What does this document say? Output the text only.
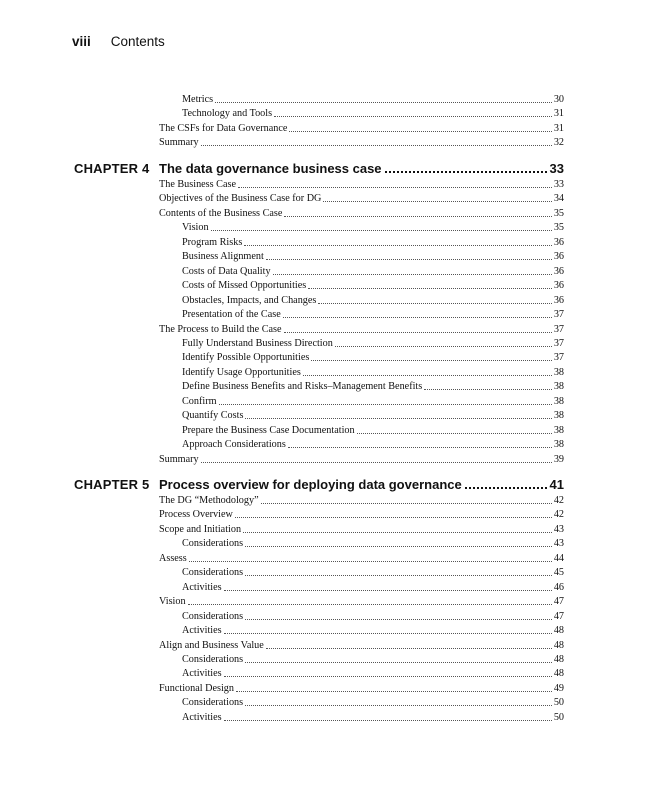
viii Contents
Metrics	30
Technology and Tools	31
The CSFs for Data Governance	31
Summary	32
CHAPTER 4 The data governance business case	33
The Business Case	33
Objectives of the Business Case for DG	34
Contents of the Business Case	35
Vision	35
Program Risks	36
Business Alignment	36
Costs of Data Quality	36
Costs of Missed Opportunities	36
Obstacles, Impacts, and Changes	36
Presentation of the Case	37
The Process to Build the Case	37
Fully Understand Business Direction	37
Identify Possible Opportunities	37
Identify Usage Opportunities	38
Define Business Benefits and Risks–Management Benefits	38
Confirm	38
Quantify Costs	38
Prepare the Business Case Documentation	38
Approach Considerations	38
Summary	39
CHAPTER 5 Process overview for deploying data governance	41
The DG “Methodology”	42
Process Overview	42
Scope and Initiation	43
Considerations	43
Assess	44
Considerations	45
Activities	46
Vision	47
Considerations	47
Activities	48
Align and Business Value	48
Considerations	48
Activities	48
Functional Design	49
Considerations	50
Activities	50
